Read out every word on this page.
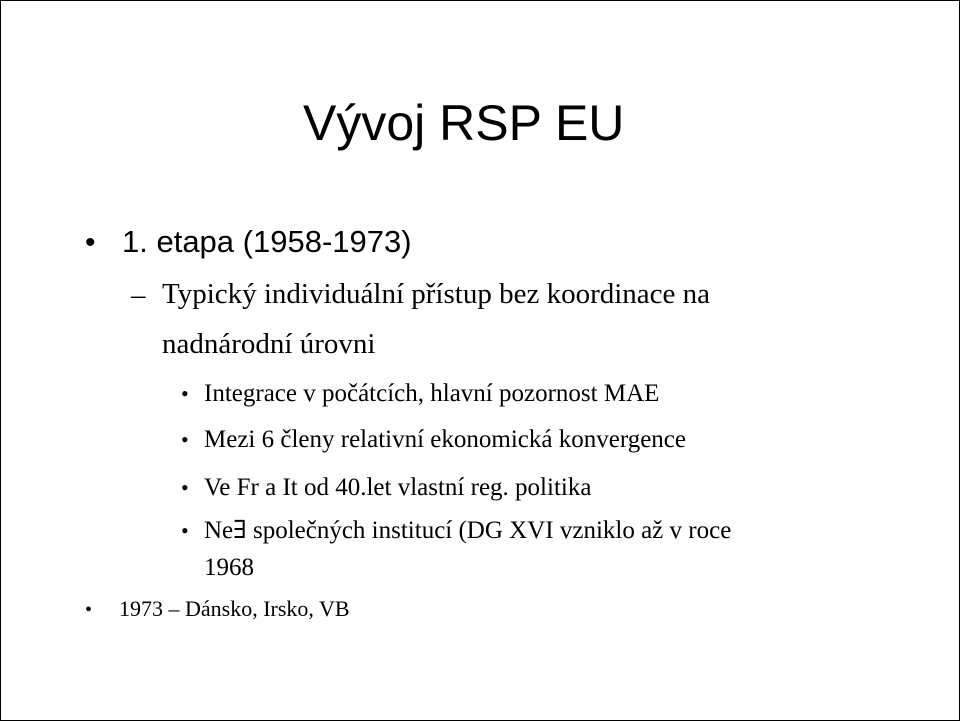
Vývoj RSP EU
• 1. etapa (1958-1973)
– Typický individuální přístup bez koordinace na
nadnárodní úrovni
• Integrace v počátcích, hlavní pozornost MAE
• Mezi 6 členy relativní ekonomická konvergence
• Ve Fr a It od 40.let vlastní reg. politika
• Ne∃ společných institucí (DG XVI vzniklo až v roce
1968
• 1973 – Dánsko, Irsko, VB
